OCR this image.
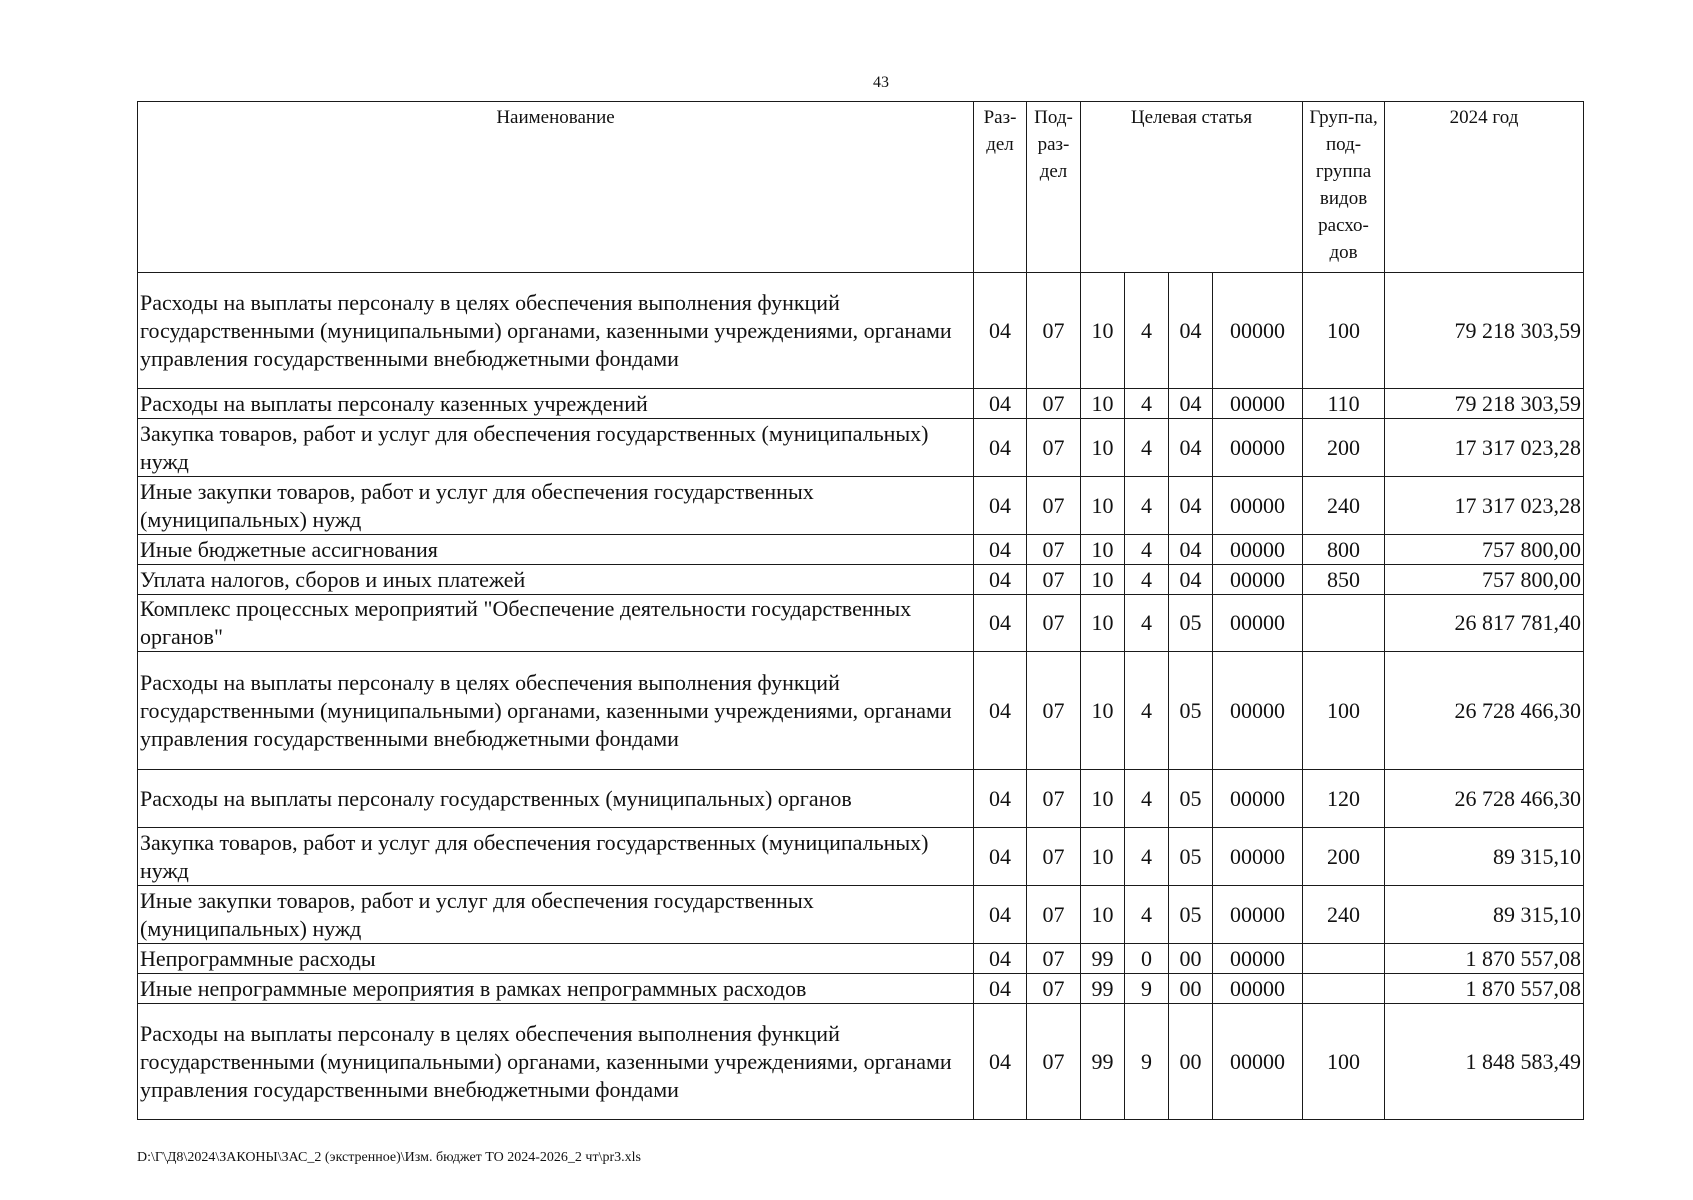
43
Наименование	Раз-дел	Под-раз-дел	Целевая статья				Груп-па, под-группа видов расхо-дов	2024 год
Расходы на выплаты персоналу в целях обеспечения выполнения функций государственными (муниципальными) органами, казенными учреждениями, органами управления государственными внебюджетными фондами	04	07	10	4	04	00000	100	79 218 303,59
Расходы на выплаты персоналу казенных учреждений	04	07	10	4	04	00000	110	79 218 303,59
Закупка товаров, работ и услуг для обеспечения государственных (муниципальных) нужд	04	07	10	4	04	00000	200	17 317 023,28
Иные закупки товаров, работ и услуг для обеспечения государственных (муниципальных) нужд	04	07	10	4	04	00000	240	17 317 023,28
Иные бюджетные ассигнования	04	07	10	4	04	00000	800	757 800,00
Уплата налогов, сборов и иных платежей	04	07	10	4	04	00000	850	757 800,00
Комплекс процессных мероприятий "Обеспечение деятельности государственных органов"	04	07	10	4	05	00000		26 817 781,40
Расходы на выплаты персоналу в целях обеспечения выполнения функций государственными (муниципальными) органами, казенными учреждениями, органами управления государственными внебюджетными фондами	04	07	10	4	05	00000	100	26 728 466,30
Расходы на выплаты персоналу государственных (муниципальных) органов	04	07	10	4	05	00000	120	26 728 466,30
Закупка товаров, работ и услуг для обеспечения государственных (муниципальных) нужд	04	07	10	4	05	00000	200	89 315,10
Иные закупки товаров, работ и услуг для обеспечения государственных (муниципальных) нужд	04	07	10	4	05	00000	240	89 315,10
Непрограммные расходы	04	07	99	0	00	00000		1 870 557,08
Иные непрограммные мероприятия в рамках непрограммных расходов	04	07	99	9	00	00000		1 870 557,08
Расходы на выплаты персоналу в целях обеспечения выполнения функций государственными (муниципальными) органами, казенными учреждениями, органами управления государственными внебюджетными фондами	04	07	99	9	00	00000	100	1 848 583,49
D:\Г\Д8\2024\ЗАКОНЫ\ЗАС_2 (экстренное)\Изм. бюджет ТО 2024-2026_2 чт\pr3.xls
